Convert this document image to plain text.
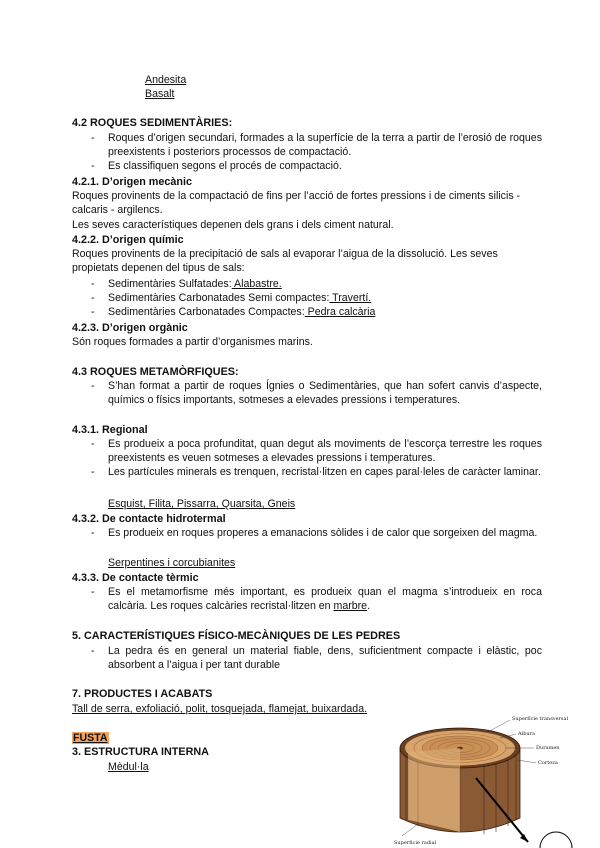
Andesita
Basalt
4.2 ROQUES SEDIMENTÀRIES:
- Roques d’origen secundari, formades a la superfície de la terra a partir de l’erosió de roques preexistents i posteriors processos de compactació.
- Es classifiquen segons el procés de compactació.
4.2.1. D’origen mecànic

Roques provinents de la compactació de fins per l’acció de fortes pressions i de ciments silicis - calcaris - argilencs.

Les seves característiques depenen dels grans i dels ciment natural.

4.2.2. D’origen químic

Roques provinents de la precipitació de sals al evaporar l’aigua de la dissolució. Les seves propietats depenen del tipus de sals:

- Sedimentàries Sulfatades: Alabastre.
- Sedimentàries Carbonatades Semi compactes: Travertí.
- Sedimentàries Carbonatades Compactes: Pedra calcària
4.2.3. D’origen orgànic

Són roques formades a partir d’organismes marins.

4.3 ROQUES METAMÒRFIQUES:
- S’han format a partir de roques Ígnies o Sedimentàries, que han sofert canvis d’aspecte, químics o físics importants, sotmeses a elevades pressions i temperatures.
4.3.1. Regional
- Es produeix a poca profunditat, quan degut als moviments de l’escorça terrestre les roques preexistents es veuen sotmeses a elevades pressions i temperatures.
- Les partícules minerals es trenquen, recristal·litzen en capes paral·leles de caràcter laminar.
Esquist, Filita, Pissarra, Quarsita, Gneis
4.3.2. De contacte hidrotermal
- Es produeix en roques properes a emanacions sòlides i de calor que sorgeixen del magma.
Serpentines i corcubianites
4.3.3. De contacte tèrmic
- Es el metamorfisme més important, es produeix quan el magma s’introdueix en roca calcària. Les roques calcàries recristal·litzen en marbre.
5. CARACTERÍSTIQUES FÍSICO-MECÀNIQUES DE LES PEDRES
- La pedra és en general un material fiable, dens, suficientment compacte i elàstic, poc absorbent a l’aigua i per tant durable
7. PRODUCTES I ACABATS
Tall de serra, exfoliació, polit, tosquejada, flamejat, buixardada.
FUSTA
3. ESTRUCTURA INTERNA
Mèdul·la
Superfície transversal
Albura
Duramen
Corteza
Superficie radial
